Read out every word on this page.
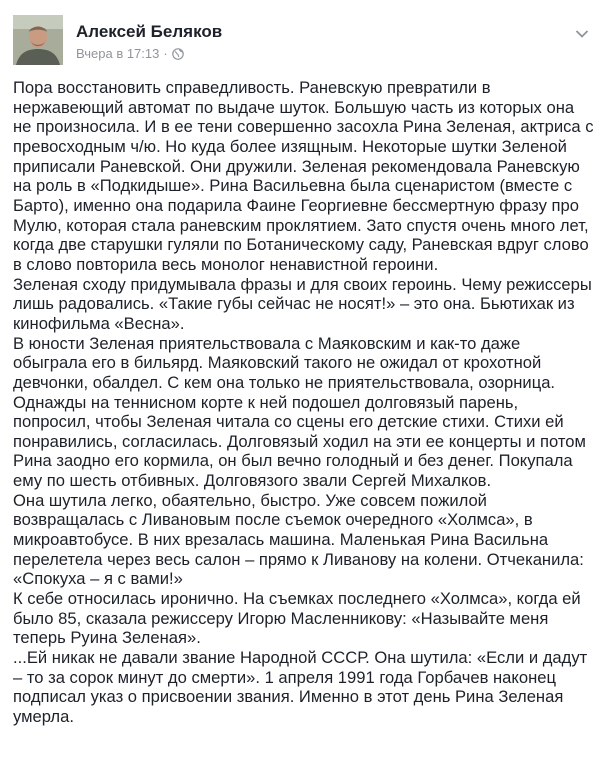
Алексей Беляков
Вчера в 17:13 ·

Пора восстановить справедливость. Раневскую превратили в нержавеющий автомат по выдаче шуток. Большую часть из которых она не произносила. И в ее тени совершенно засохла Рина Зеленая, актриса с превосходным ч/ю. Но куда более изящным. Некоторые шутки Зеленой приписали Раневской. Они дружили. Зеленая рекомендовала Раневскую на роль в «Подкидыше». Рина Васильевна была сценаристом (вместе с Барто), именно она подарила Фаине Георгиевне бессмертную фразу про Мулю, которая стала раневским проклятием. Зато спустя очень много лет, когда две старушки гуляли по Ботаническому саду, Раневская вдруг слово в слово повторила весь монолог ненавистной героини.

Зеленая сходу придумывала фразы и для своих героинь. Чему режиссеры лишь радовались. «Такие губы сейчас не носят!» – это она. Бьютихак из кинофильма «Весна».

В юности Зеленая приятельствовала с Маяковским и как-то даже обыграла его в бильярд. Маяковский такого не ожидал от крохотной девчонки, обалдел. С кем она только не приятельствовала, озорница. Однажды на теннисном корте к ней подошел долговязый парень, попросил, чтобы Зеленая читала со сцены его детские стихи. Стихи ей понравились, согласилась. Долговязый ходил на эти ее концерты и потом Рина заодно его кормила, он был вечно голодный и без денег. Покупала ему по шесть отбивных. Долговязого звали Сергей Михалков.

Она шутила легко, обаятельно, быстро. Уже совсем пожилой возвращалась с Ливановым после съемок очередного «Холмса», в микроавтобусе. В них врезалась машина. Маленькая Рина Васильна перелетела через весь салон – прямо к Ливанову на колени. Отчеканила: «Спокуха – я с вами!»

К себе относилась иронично. На съемках последнего «Холмса», когда ей было 85, сказала режиссеру Игорю Масленникову: «Называйте меня теперь Руина Зеленая».

...Ей никак не давали звание Народной СССР. Она шутила: «Если и дадут – то за сорок минут до смерти». 1 апреля 1991 года Горбачев наконец подписал указ о присвоении звания. Именно в этот день Рина Зеленая умерла.
